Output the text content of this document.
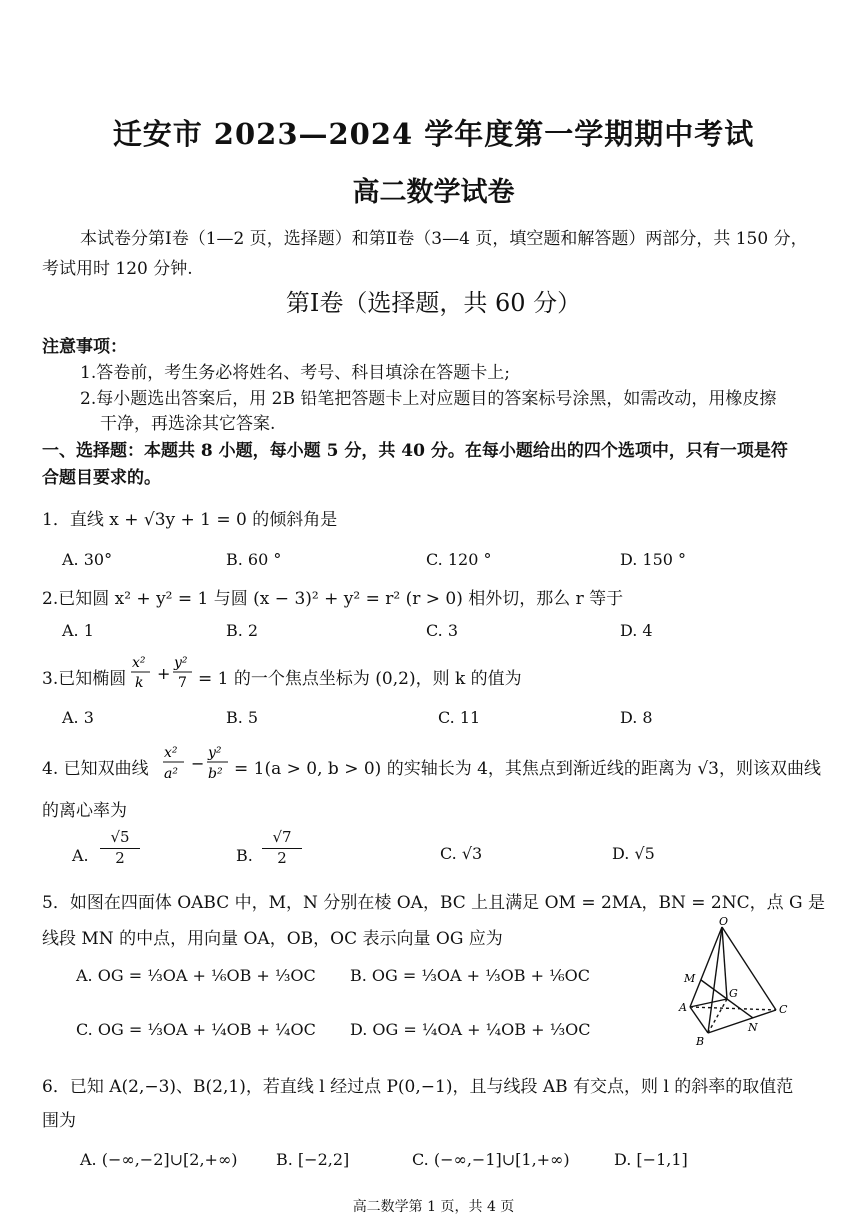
迁安市 2023—2024 学年度第一学期期中考试
高二数学试卷
本试卷分第Ⅰ卷（1—2 页，选择题）和第Ⅱ卷（3—4 页，填空题和解答题）两部分，共 150 分，
考试用时 120 分钟.
第Ⅰ卷（选择题，共 60 分）
注意事项：
1.答卷前，考生务必将姓名、考号、科目填涂在答题卡上;
2.每小题选出答案后，用 2B 铅笔把答题卡上对应题目的答案标号涂黑，如需改动，用橡皮擦
干净，再选涂其它答案.
一、选择题：本题共 8 小题，每小题 5 分，共 40 分。在每小题给出的四个选项中，只有一项是符
合题目要求的。
1．直线 x + √3y + 1 = 0 的倾斜角是
A. 30°	B. 60 °	C. 120 °	D. 150 °
2.已知圆 x² + y² = 1 与圆 (x − 3)² + y² = r² (r > 0) 相外切，那么 r 等于
A. 1	B. 2	C. 3	D. 4
3.已知椭圆
x²
k +
y²
7 = 1 的一个焦点坐标为 (0,2)，则 k 的值为
A. 3	B. 5	C. 11	D. 8
4. 已知双曲线
x²
a²
−
y²
b² = 1(a > 0, b > 0) 的实轴长为 4，其焦点到渐近线的距离为 √3，则该双曲线
的离心率为
A. $\frac{√5}{2}$	B. $\frac{√7}{2}$	C. √3	D. √5
5．如图在四面体 OABC 中，M，N 分别在棱 OA，BC 上且满足 OM = 2MA，BN = 2NC，点 G 是
线段 MN 的中点，用向量 OA，OB，OC 表示向量 OG 应为
A. OG = ⅓OA + ⅙OB + ⅓OC B. OG = ⅓OA + ⅓OB + ⅙OC
C. OG = ⅓OA + ¼OB + ¼OC D. OG = ¼OA + ¼OB + ⅓OC
O
M
G
A
B
C
N
6．已知 A(2,−3)、B(2,1)，若直线 l 经过点 P(0,−1)，且与线段 AB 有交点，则 l 的斜率的取值范
围为
A. (−∞,−2]∪[2,+∞) B. [−2,2]	C. (−∞,−1]∪[1,+∞)	D. [−1,1]
高二数学第 1 页，共 4 页
